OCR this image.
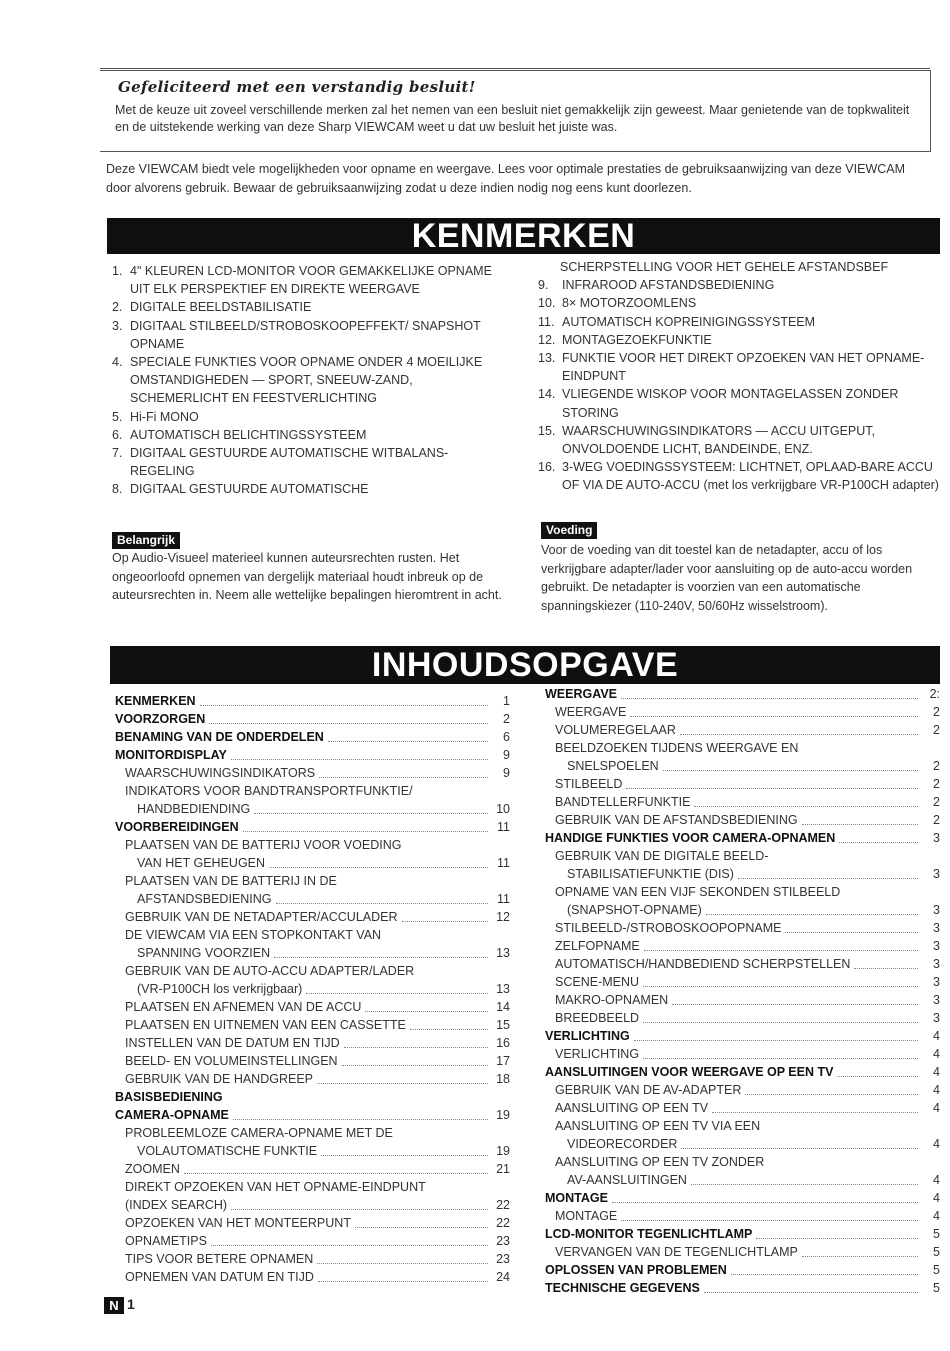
Gefeliciteerd met een verstandig besluit!
Met de keuze uit zoveel verschillende merken zal het nemen van een besluit niet gemakkelijk zijn geweest. Maar genietende van de topkwaliteit en de uitstekende werking van deze Sharp VIEWCAM weet u dat uw besluit het juiste was.
Deze VIEWCAM biedt vele mogelijkheden voor opname en weergave. Lees voor optimale prestaties de gebruiksaanwijzing van deze VIEWCAM door alvorens gebruik. Bewaar de gebruiksaanwijzing zodat u deze indien nodig nog eens kunt doorlezen.
KENMERKEN
1. 4" KLEUREN LCD-MONITOR VOOR GEMAKKELIJKE OPNAME UIT ELK PERSPEKTIEF EN DIREKTE WEERGAVE
2. DIGITALE BEELDSTABILISATIE
3. DIGITAAL STILBEELD/STROBOSKOOPEFFEKT/ SNAPSHOT OPNAME
4. SPECIALE FUNKTIES VOOR OPNAME ONDER 4 MOEILIJKE OMSTANDIGHEDEN — SPORT, SNEEUW-ZAND, SCHEMERLICHT EN FEESTVERLICHTING
5. Hi-Fi MONO
6. AUTOMATISCH BELICHTINGSSYSTEEM
7. DIGITAAL GESTUURDE AUTOMATISCHE WITBALANS-REGELING
8. DIGITAAL GESTUURDE AUTOMATISCHE
SCHERPSTELLING VOOR HET GEHELE AFSTANDSBEF
9.	INFRAROOD AFSTANDSBEDIENING
10. 8× MOTORZOOMLENS
11. AUTOMATISCH KOPREINIGINGSSYSTEEM
12. MONTAGEZOEKFUNKTIE
13. FUNKTIE VOOR HET DIREKT OPZOEKEN VAN HET OPNAME-EINDPUNT
14. VLIEGENDE WISKOP VOOR MONTAGELASSEN ZONDER STORING
15. WAARSCHUWINGSINDIKATORS — ACCU UITGEPUT, ONVOLDOENDE LICHT, BANDEINDE, ENZ.
16. 3-WEG VOEDINGSSYSTEEM: LICHTNET, OPLAAD-BARE ACCU OF VIA DE AUTO-ACCU (met los verkrijgbare VR-P100CH adapter)
Belangrijk
Op Audio-Visueel materieel kunnen auteursrechten rusten. Het ongeoorloofd opnemen van dergelijk materiaal houdt inbreuk op de auteursrechten in. Neem alle wettelijke bepalingen hieromtrent in acht.
Voeding
Voor de voeding van dit toestel kan de netadapter, accu of los verkrijgbare adapter/lader voor aansluiting op de auto-accu worden gebruikt. De netadapter is voorzien van een automatische spanningskiezer (110-240V, 50/60Hz wisselstroom).
INHOUDSOPGAVE
KENMERKEN	1
VOORZORGEN	2
BENAMING VAN DE ONDERDELEN	6
MONITORDISPLAY	9
WAARSCHUWINGSINDIKATORS	9
INDIKATORS VOOR BANDTRANSPORTFUNKTIE/
HANDBEDIENDING	10
VOORBEREIDINGEN	11
PLAATSEN VAN DE BATTERIJ VOOR VOEDING
VAN HET GEHEUGEN	11
PLAATSEN VAN DE BATTERIJ IN DE
AFSTANDSBEDIENING	11
GEBRUIK VAN DE NETADAPTER/ACCULADER	12
DE VIEWCAM VIA EEN STOPKONTAKT VAN
SPANNING VOORZIEN	13
GEBRUIK VAN DE AUTO-ACCU ADAPTER/LADER
(VR-P100CH los verkrijgbaar)	13
PLAATSEN EN AFNEMEN VAN DE ACCU	14
PLAATSEN EN UITNEMEN VAN EEN CASSETTE	15
INSTELLEN VAN DE DATUM EN TIJD	16
BEELD- EN VOLUMEINSTELLINGEN	17
GEBRUIK VAN DE HANDGREEP	18
BASISBEDIENING
CAMERA-OPNAME	19
PROBLEEMLOZE CAMERA-OPNAME MET DE
VOLAUTOMATISCHE FUNKTIE	19
ZOOMEN	21
DIREKT OPZOEKEN VAN HET OPNAME-EINDPUNT
(INDEX SEARCH)	22
OPZOEKEN VAN HET MONTEERPUNT	22
OPNAMETIPS	23
TIPS VOOR BETERE OPNAMEN	23
OPNEMEN VAN DATUM EN TIJD	24
WEERGAVE	2:
WEERGAVE	2
VOLUMEREGELAAR	2
BEELDZOEKEN TIJDENS WEERGAVE EN
SNELSPOELEN	2
STILBEELD	2
BANDTELLERFUNKTIE	2
GEBRUIK VAN DE AFSTANDSBEDIENING	2
HANDIGE FUNKTIES VOOR CAMERA-OPNAMEN	3
GEBRUIK VAN DE DIGITALE BEELD-
STABILISATIEFUNKTIE (DIS)	3
OPNAME VAN EEN VIJF SEKONDEN STILBEELD
(SNAPSHOT-OPNAME)	3
STILBEELD-/STROBOSKOOPOPNAME	3
ZELFOPNAME	3
AUTOMATISCH/HANDBEDIEND SCHERPSTELLEN	3
SCENE-MENU	3
MAKRO-OPNAMEN	3
BREEDBEELD	3
VERLICHTING	4
VERLICHTING	4
AANSLUITINGEN VOOR WEERGAVE OP EEN TV	4
GEBRUIK VAN DE AV-ADAPTER	4
AANSLUITING OP EEN TV	4
AANSLUITING OP EEN TV VIA EEN
VIDEORECORDER	4
AANSLUITING OP EEN TV ZONDER
AV-AANSLUITINGEN	4
MONTAGE	4
MONTAGE	4
LCD-MONITOR TEGENLICHTLAMP	5
VERVANGEN VAN DE TEGENLICHTLAMP	5
OPLOSSEN VAN PROBLEMEN	5
TECHNISCHE GEGEVENS	5
N 1
